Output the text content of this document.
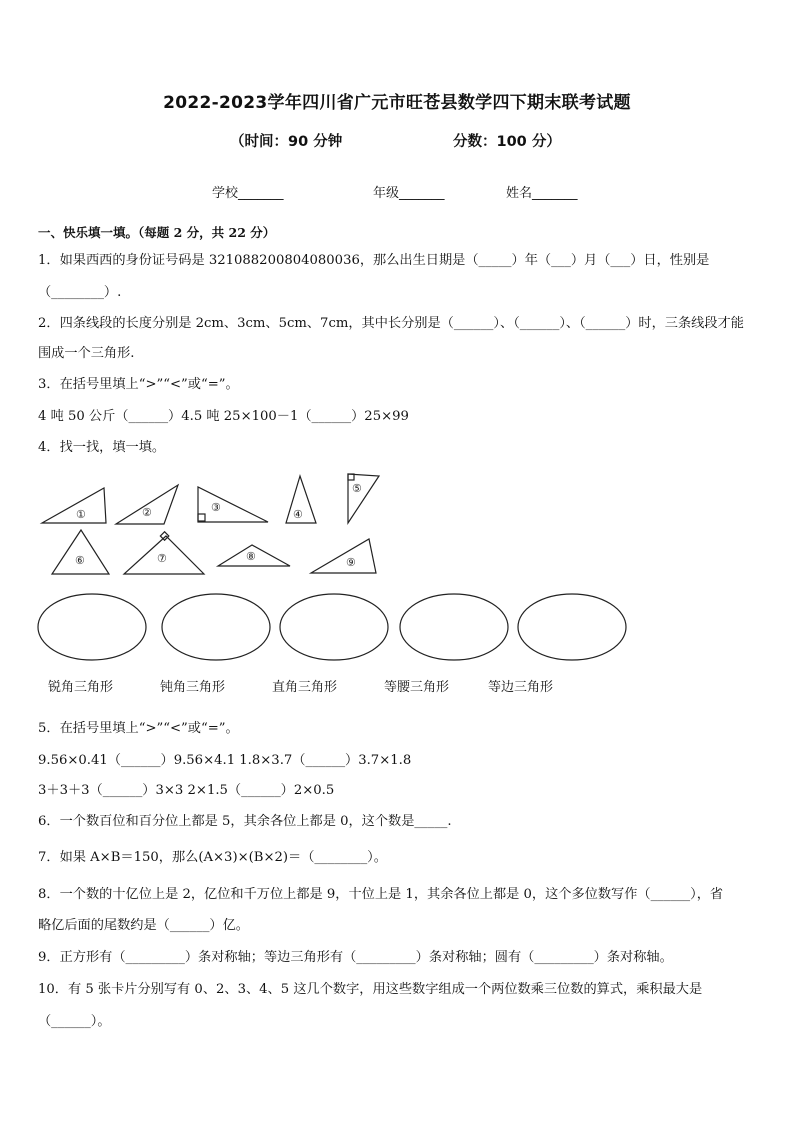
2022-2023学年四川省广元市旺苍县数学四下期末联考试题
（时间：90 分钟	分数：100 分）
学校_______	年级_______	姓名_______
一、快乐填一填。（每题 2 分，共 22 分）
1．如果西西的身份证号码是 321088200804080036，那么出生日期是（_____）年（___）月（___）日，性别是
（________）.
2．四条线段的长度分别是 2cm、3cm、5cm、7cm，其中长分别是（______）、（______）、（______）时，三条线段才能
围成一个三角形.
3．在括号里填上“>”“<”或“=”。
4 吨 50 公斤（______）4.5 吨 25×100－1（______）25×99
4．找一找，填一填。
①	②	③
④
⑤
⑥	⑦	⑧	⑨
锐角三角形	钝角三角形	直角三角形	等腰三角形	等边三角形
5．在括号里填上“>”“<”或“=”。
9.56×0.41（______）9.56×4.1 1.8×3.7（______）3.7×1.8
3＋3＋3（______）3×3 2×1.5（______）2×0.5
6．一个数百位和百分位上都是 5，其余各位上都是 0，这个数是_____.
7．如果 A×B＝150，那么(A×3)×(B×2)＝（________）。
8．一个数的十亿位上是 2，亿位和千万位上都是 9，十位上是 1，其余各位上都是 0，这个多位数写作（______），省
略亿后面的尾数约是（______）亿。
9．正方形有（_________）条对称轴；等边三角形有（_________）条对称轴；圆有（_________）条对称轴。
10．有 5 张卡片分别写有 0、2、3、4、5 这几个数字，用这些数字组成一个两位数乘三位数的算式，乘积最大是
（______）。
